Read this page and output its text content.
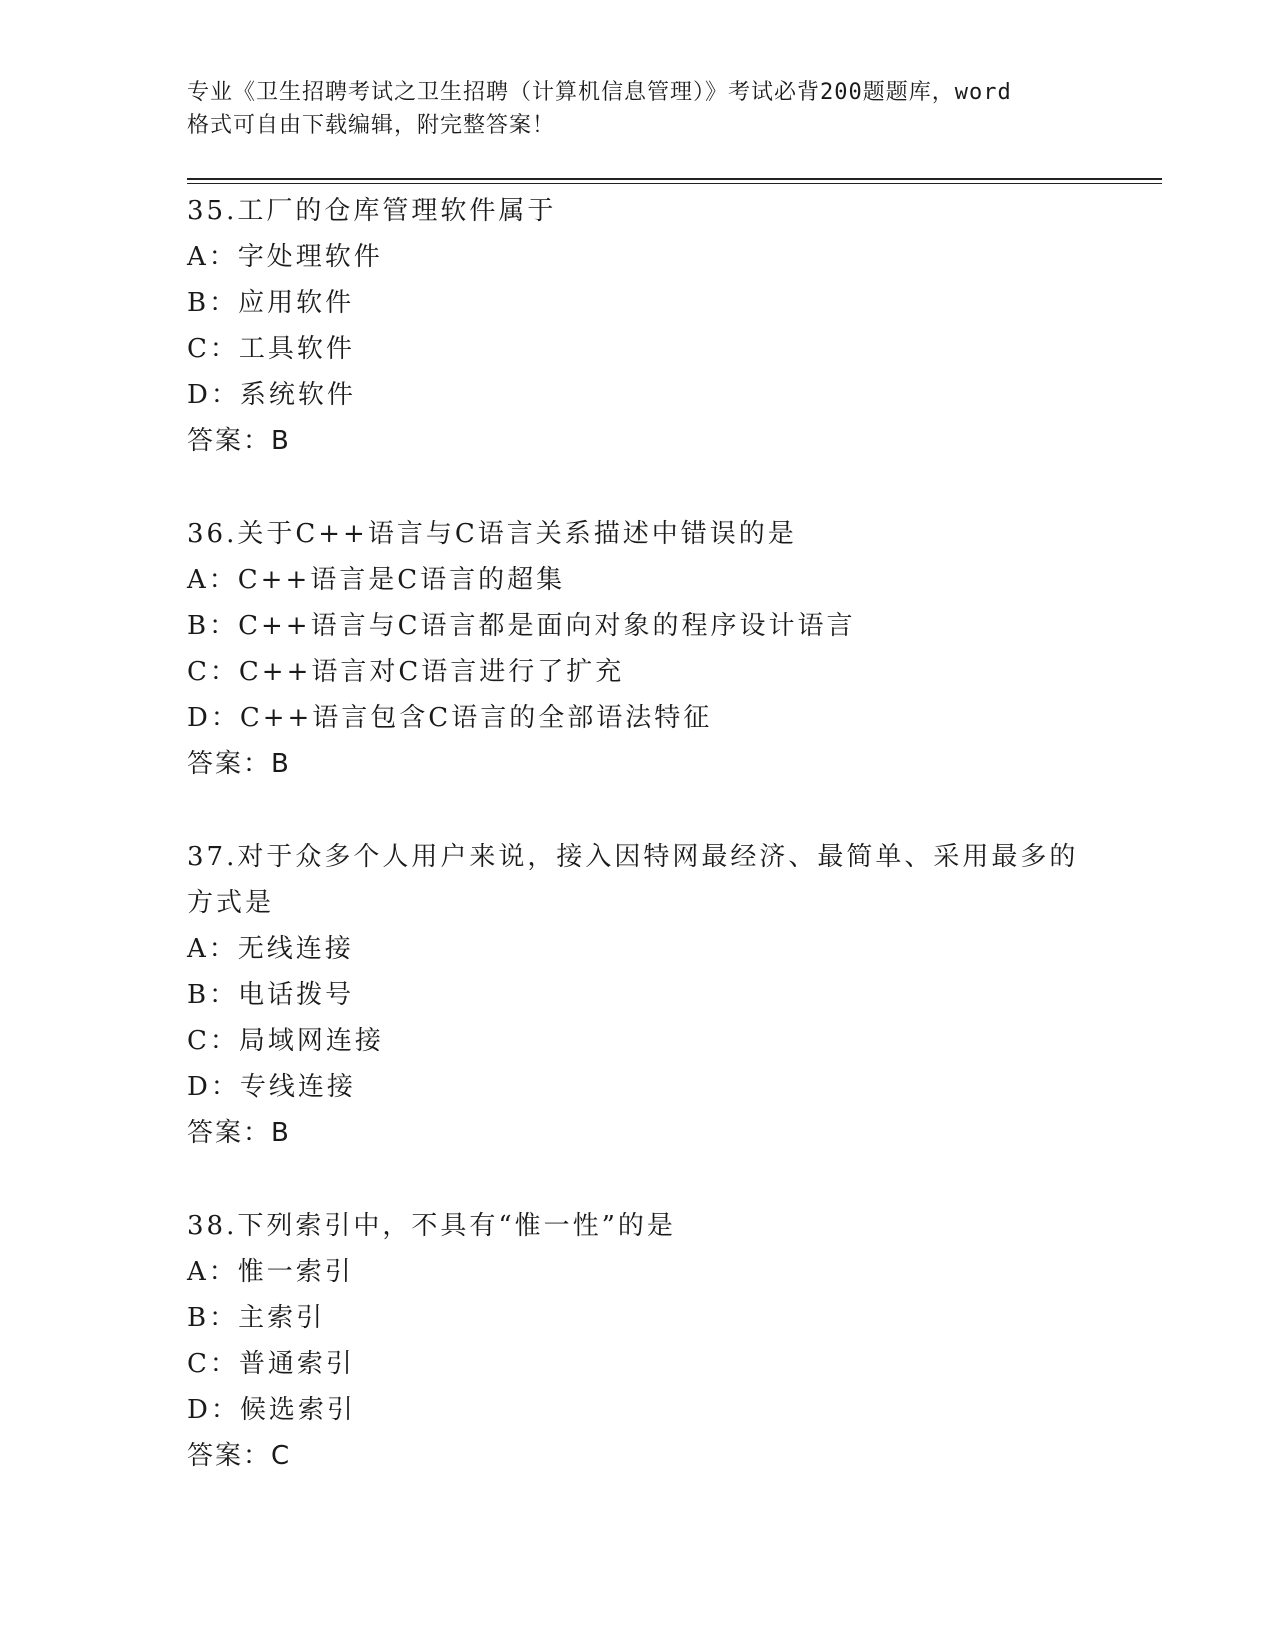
专业《卫生招聘考试之卫生招聘（计算机信息管理）》考试必背200题题库，word
格式可自由下载编辑，附完整答案！
35.工厂的仓库管理软件属于
A：字处理软件
B：应用软件
C：工具软件
D：系统软件
答案：B
36.关于C++语言与C语言关系描述中错误的是
A：C++语言是C语言的超集
B：C++语言与C语言都是面向对象的程序设计语言
C：C++语言对C语言进行了扩充
D：C++语言包含C语言的全部语法特征
答案：B
37.对于众多个人用户来说，接入因特网最经济、最简单、采用最多的方式是
A：无线连接
B：电话拨号
C：局域网连接
D：专线连接
答案：B
38.下列索引中，不具有“惟一性”的是
A：惟一索引
B：主索引
C：普通索引
D：候选索引
答案：C
